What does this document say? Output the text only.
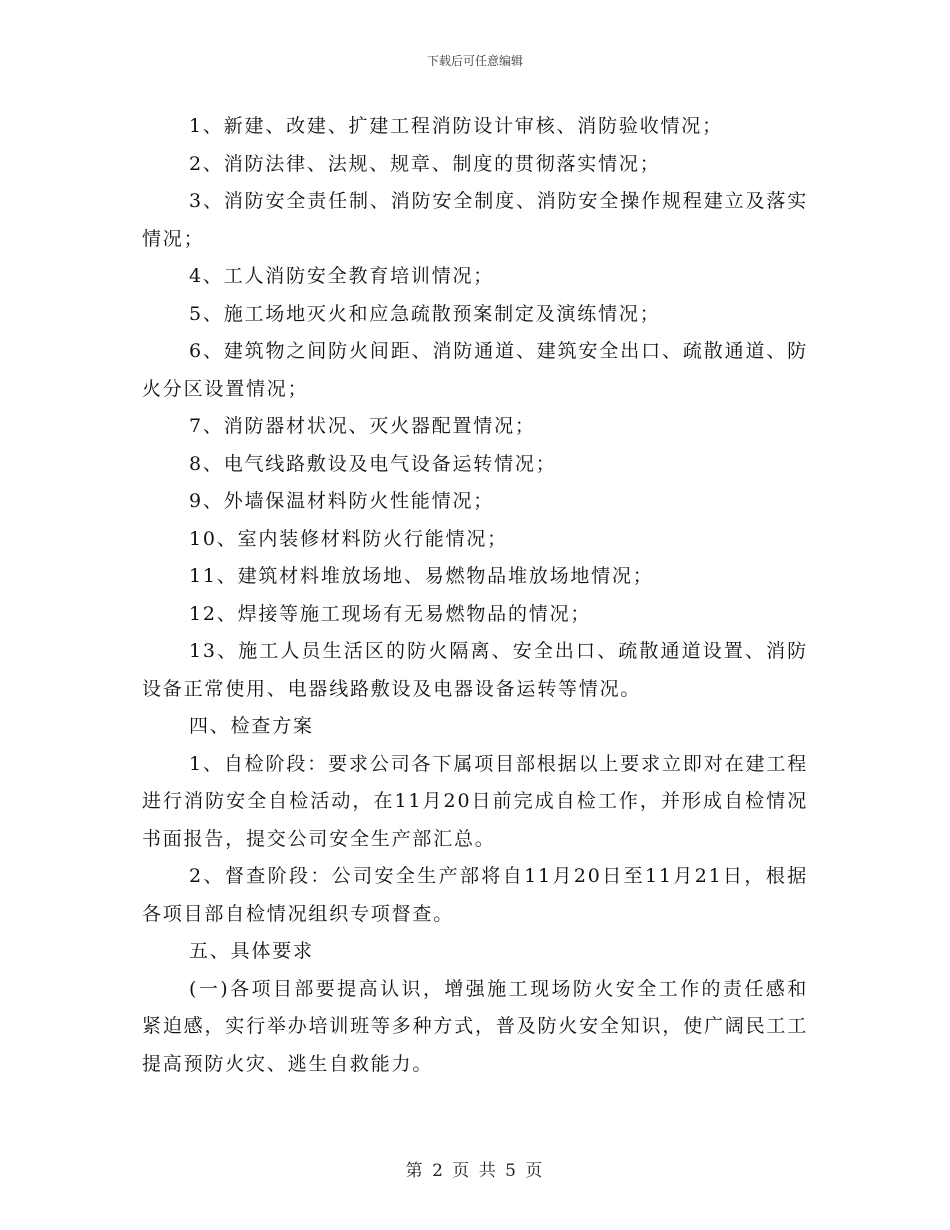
下载后可任意编辑

1、新建、改建、扩建工程消防设计审核、消防验收情况；

2、消防法律、法规、规章、制度的贯彻落实情况；

3、消防安全责任制、消防安全制度、消防安全操作规程建立及落实情况；

4、工人消防安全教育培训情况；

5、施工场地灭火和应急疏散预案制定及演练情况；

6、建筑物之间防火间距、消防通道、建筑安全出口、疏散通道、防火分区设置情况；

7、消防器材状况、灭火器配置情况；

8、电气线路敷设及电气设备运转情况；

9、外墙保温材料防火性能情况；

10、室内装修材料防火行能情况；

11、建筑材料堆放场地、易燃物品堆放场地情况；

12、焊接等施工现场有无易燃物品的情况；

13、施工人员生活区的防火隔离、安全出口、疏散通道设置、消防设备正常使用、电器线路敷设及电器设备运转等情况。

四、检查方案

1、自检阶段：要求公司各下属项目部根据以上要求立即对在建工程进行消防安全自检活动，在11月20日前完成自检工作，并形成自检情况书面报告，提交公司安全生产部汇总。

2、督查阶段：公司安全生产部将自11月20日至11月21日，根据各项目部自检情况组织专项督查。

五、具体要求

(一)各项目部要提高认识，增强施工现场防火安全工作的责任感和紧迫感，实行举办培训班等多种方式，普及防火安全知识，使广阔民工工提高预防火灾、逃生自救能力。

第 2 页 共 5 页
